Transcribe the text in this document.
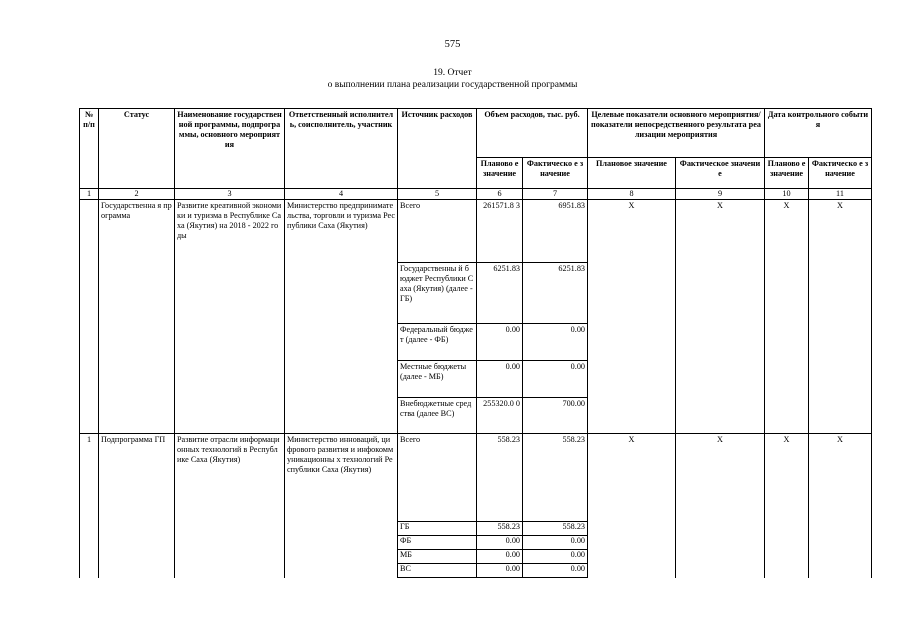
575
19. Отчет
о выполнении плана реализации государственной программы
№ п/п	Статус	Наименование государственной программы, подпрограммы, основного мероприятия	Ответственный исполнитель, соисполнитель, участник	Источник расходов	Объем расходов, тыс. руб.		Целевые показатели основного мероприятия/показатели непосредственного результата реализации мероприятия		Дата контрольного события	
					Планово е значение	Фактическо е значение	Плановое значение	Фактическое значение	Планово е значение	Фактическо е значение
1	2	3	4	5	6	7	8	9	10	11
	Государственна я программа	Развитие креативной экономики и туризма в Республике Саха (Якутия) на 2018 - 2022 годы	Министерство предпринимательства, торговли и туризма Республики Саха (Якутия)	Всего	261571.8 3	6951.83	X	X	X	X
				Государственны й бюджет Республики Саха (Якутия) (далее - ГБ)	6251.83	6251.83				
				Федеральный бюджет (далее - ФБ)	0.00	0.00				
				Местные бюджеты (далее - МБ)	0.00	0.00				
				Внебюджетные средства (далее ВС)	255320.0 0	700.00				
1	Подпрограмма ГП	Развитие отрасли информационных технологий в Республике Саха (Якутия)	Министерство инноваций, цифрового развития и инфокоммуникационны х технологий Республики Саха (Якутия)	Всего	558.23	558.23	X	X	X	X
				ГБ	558.23	558.23				
				ФБ	0.00	0.00				
				МБ	0.00	0.00				
				ВС	0.00	0.00				
